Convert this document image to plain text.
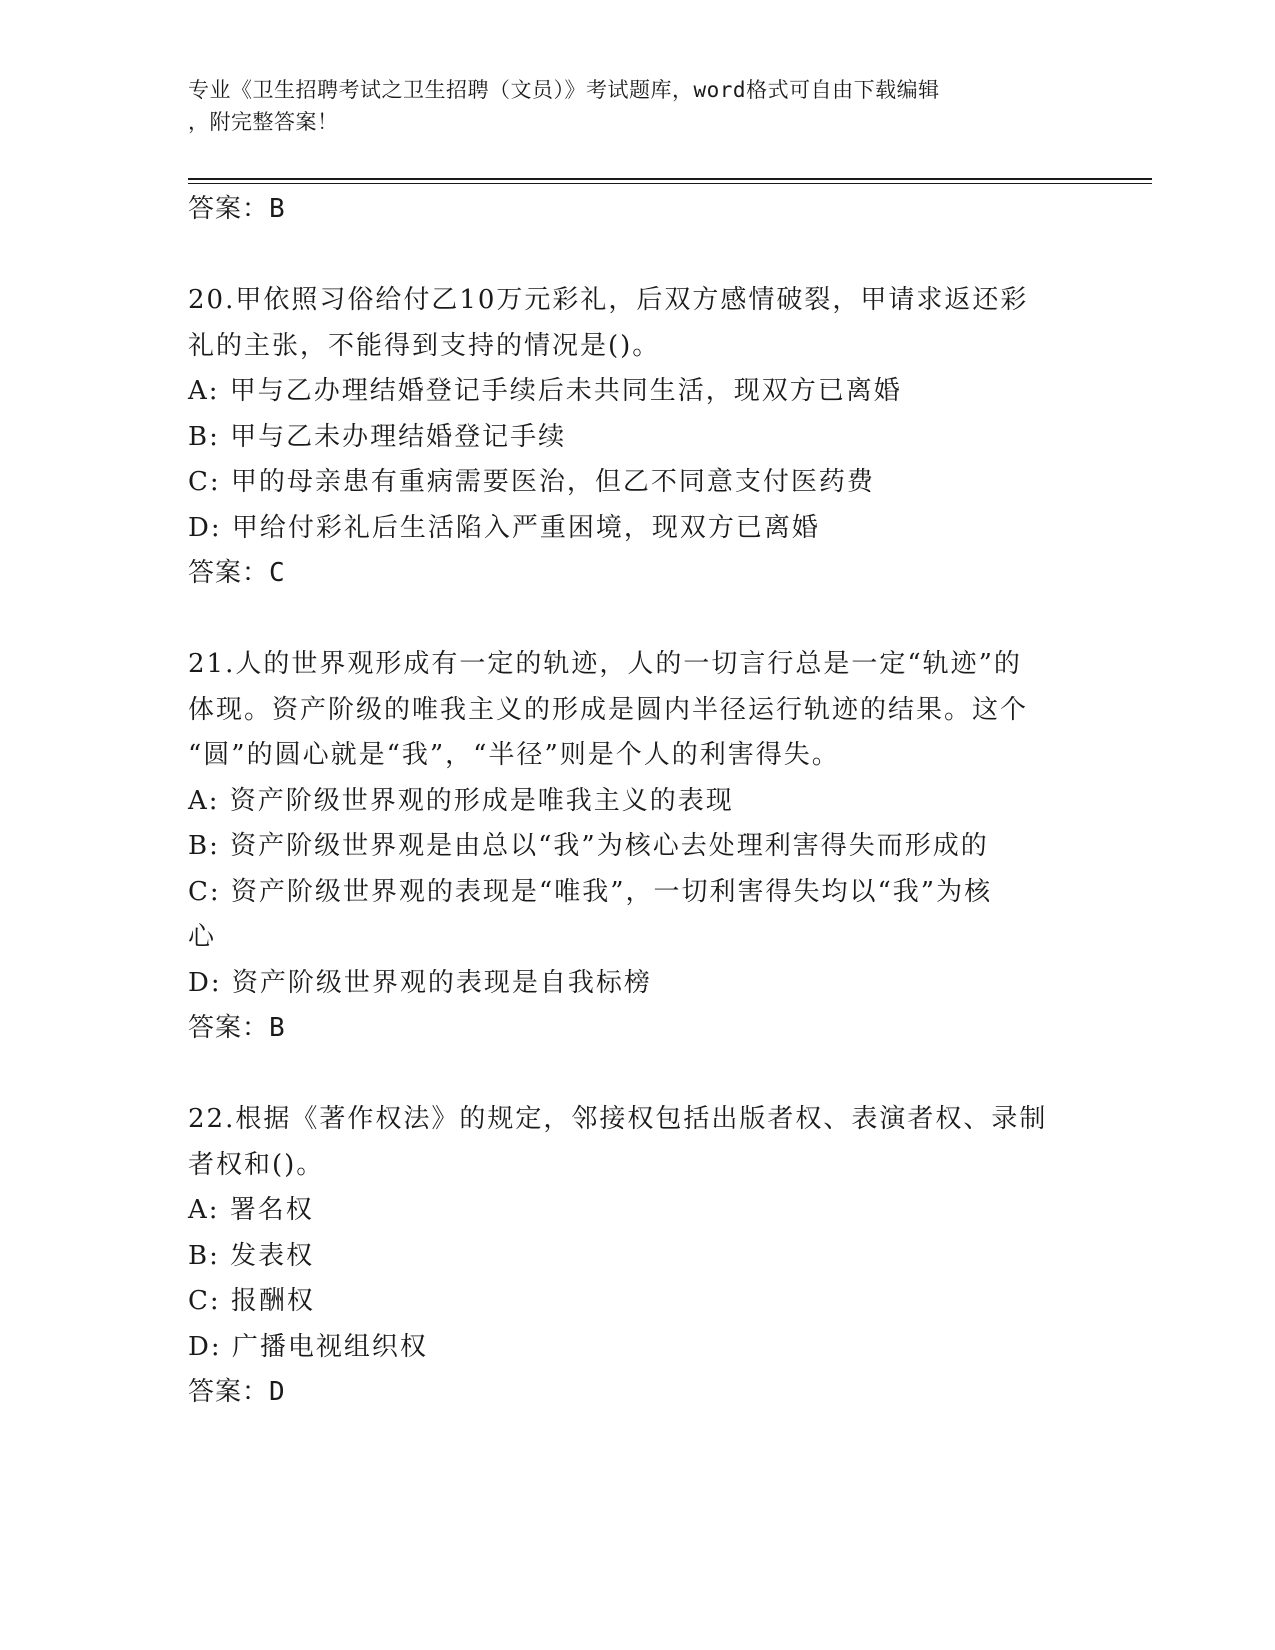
专业《卫生招聘考试之卫生招聘（文员）》考试题库，word格式可自由下载编辑
，附完整答案！
答案：B
20.甲依照习俗给付乙10万元彩礼，后双方感情破裂，甲请求返还彩
礼的主张，不能得到支持的情况是()。
A: 甲与乙办理结婚登记手续后未共同生活，现双方已离婚
B: 甲与乙未办理结婚登记手续
C: 甲的母亲患有重病需要医治，但乙不同意支付医药费
D: 甲给付彩礼后生活陷入严重困境，现双方已离婚
答案：C
21.人的世界观形成有一定的轨迹，人的一切言行总是一定“轨迹”的
体现。资产阶级的唯我主义的形成是圆内半径运行轨迹的结果。这个
“圆”的圆心就是“我”，“半径”则是个人的利害得失。
A: 资产阶级世界观的形成是唯我主义的表现
B: 资产阶级世界观是由总以“我”为核心去处理利害得失而形成的
C: 资产阶级世界观的表现是“唯我”，一切利害得失均以“我”为核
心
D: 资产阶级世界观的表现是自我标榜
答案：B
22.根据《著作权法》的规定，邻接权包括出版者权、表演者权、录制
者权和()。
A: 署名权
B: 发表权
C: 报酬权
D: 广播电视组织权
答案：D
